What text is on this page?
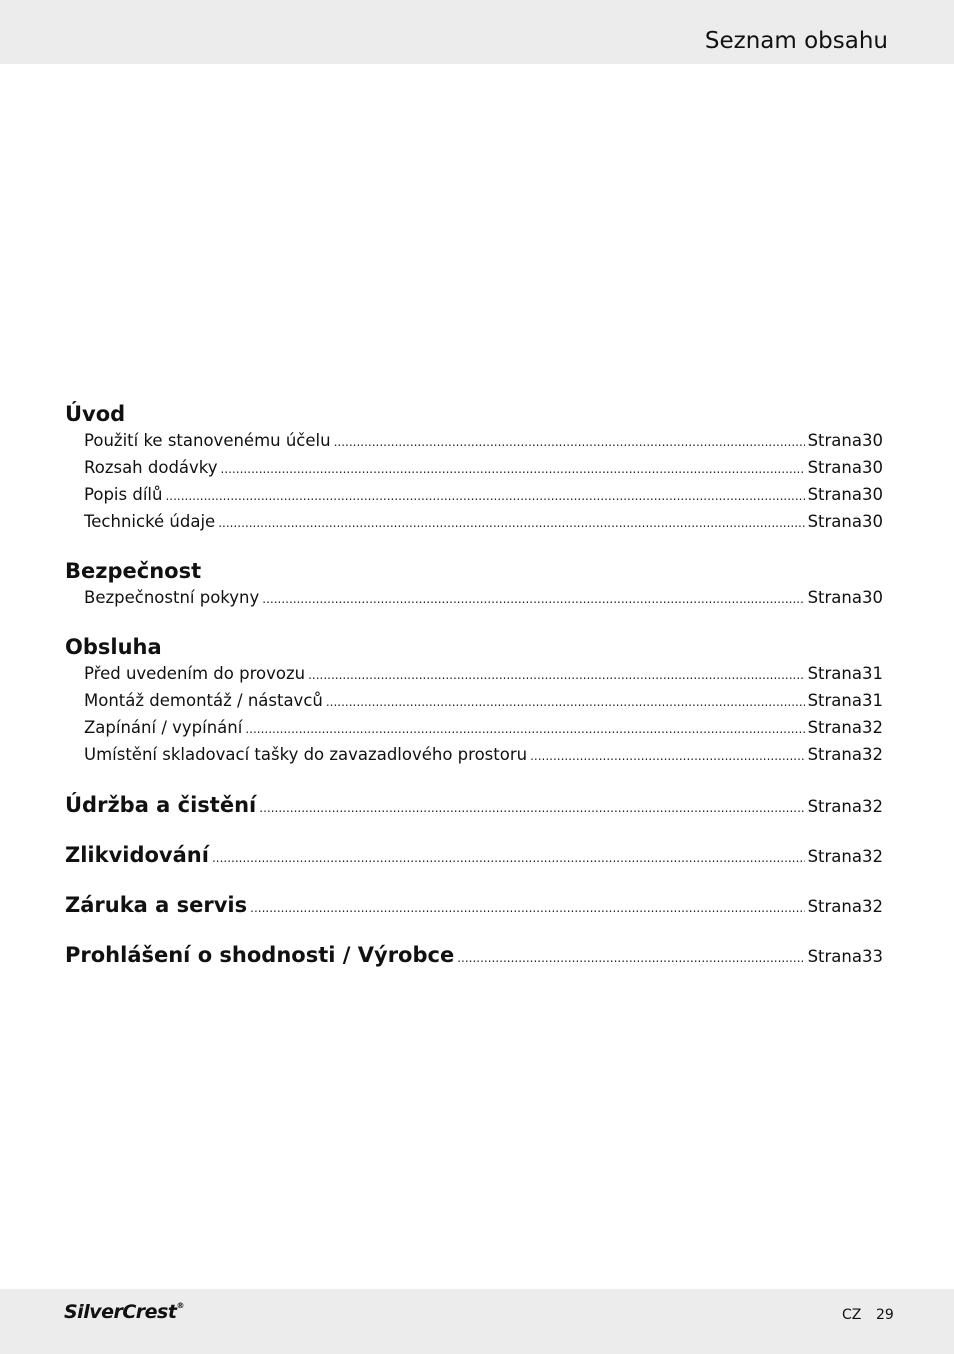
Seznam obsahu
Úvod
Použití ke stanovenému účelu .....	Strana 30
Rozsah dodávky .....	Strana 30
Popis dílů .....	Strana 30
Technické údaje .....	Strana 30
Bezpečnost
Bezpečnostní pokyny .....	Strana 30
Obsluha
Před uvedením do provozu .....	Strana 31
Montáž demontáž / nástavců .....	Strana 31
Zapínání / vypínání .....	Strana 32
Umístění skladovací tašky do zavazadlového prostoru .....	Strana 32
Údržba a čistění .....	Strana 32
Zlikvidování .....	Strana 32
Záruka a servis .....	Strana 32
Prohlášení o shodnosti / Výrobce .....	Strana 33
SilverCrest®
CZ 29
